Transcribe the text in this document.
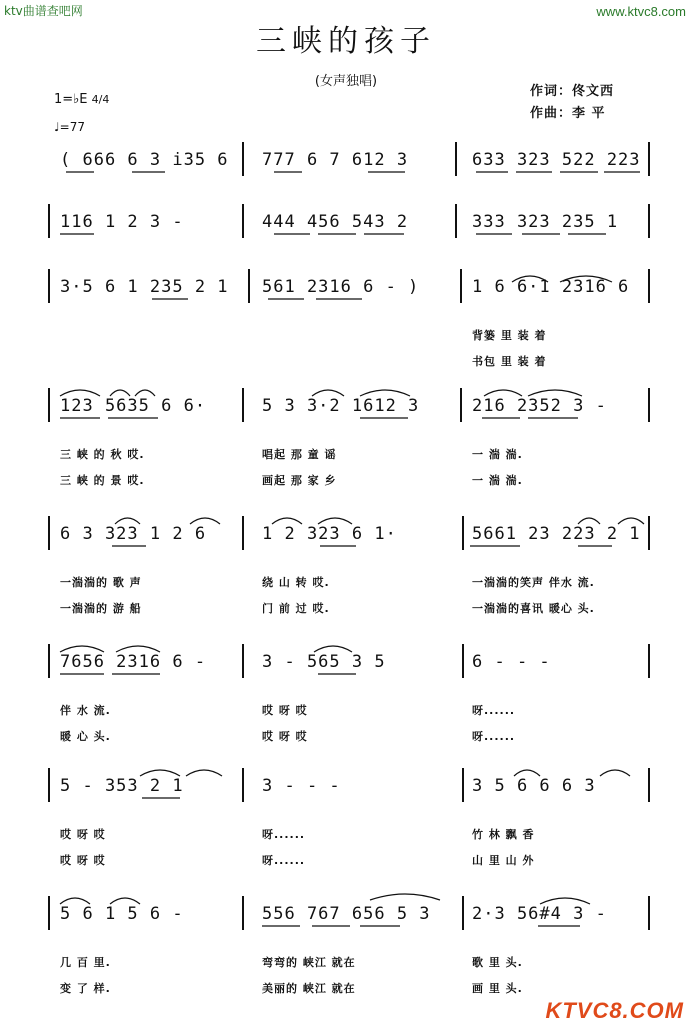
ktv曲谱查吧网	www.ktvc8.com
三峡的孩子
(女声独唱)
作词：佟文西
作曲：李 平
1=♭E 4/4
♩=77
( 666 6 3 i35 6 777 6 7 612 3	633 323 522 223
116 1 2 3 -	444 456 543 2	333 323 235 1
3·5 6 1 235 2 1 561 2316 6 - )	1 6 6·1 2316 6
背篓 里 装 着
书包 里 装 着
123 5635 6 6·	5 3 3·2 1612 3	216 2352 3 -
三 峡 的 秋 哎.	唱起 那 童 谣	一 湍 湍.
三 峡 的 景 哎.	画起 那 家 乡	一 湍 湍.
6 3 323 1 2 6	1 2 323 6 1·	5661 23 223 2 1
一湍湍的 歌 声	绕 山 转 哎.	一湍湍的笑声 伴水 流.
一湍湍的 游 船	门 前 过 哎.	一湍湍的喜讯 暖心 头.
7656 2316 6 -	3 - 565 3 5	6 - - -
伴 水 流.	哎 呀 哎	呀......
暖 心 头.	哎 呀 哎	呀......
5 - 353 2 1	3 - - -	3 5 6 6 6 3
哎 呀 哎	呀......	竹 林 飘 香
哎 呀 哎	呀......	山 里 山 外
5 6 1 5 6 -	556 767 656 5 3 2·3 56#4 3 -
几 百 里.	弯弯的 峡江 就在	歌 里 头.
变 了 样.	美丽的 峡江 就在	画 里 头.
KTVC8.COM
